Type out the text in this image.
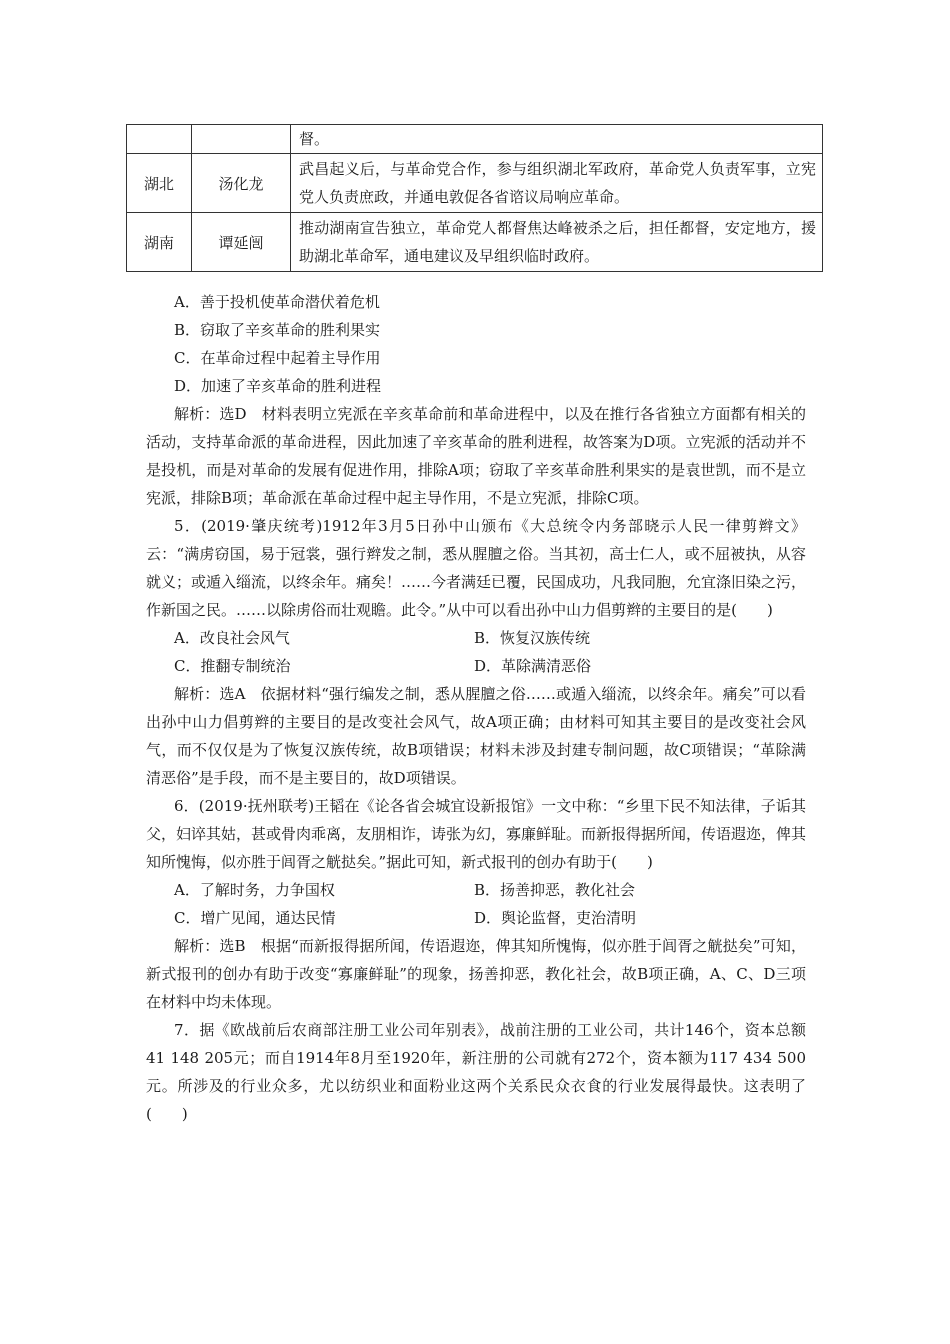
		督。
湖北	汤化龙	武昌起义后，与革命党合作，参与组织湖北军政府，革命党人负责军事，立宪党人负责庶政，并通电敦促各省谘议局响应革命。
湖南	谭延闿	推动湖南宣告独立，革命党人都督焦达峰被杀之后，担任都督，安定地方，援助湖北革命军，通电建议及早组织临时政府。
A．善于投机使革命潜伏着危机
B．窃取了辛亥革命的胜利果实
C．在革命过程中起着主导作用
D．加速了辛亥革命的胜利进程
解析：选D　材料表明立宪派在辛亥革命前和革命进程中，以及在推行各省独立方面都有相关的活动，支持革命派的革命进程，因此加速了辛亥革命的胜利进程，故答案为D项。立宪派的活动并不是投机，而是对革命的发展有促进作用，排除A项；窃取了辛亥革命胜利果实的是袁世凯，而不是立宪派，排除B项；革命派在革命过程中起主导作用，不是立宪派，排除C项。
5．(2019·肇庆统考)1912年3月5日孙中山颁布《大总统令内务部晓示人民一律剪辫文》云：“满虏窃国，易于冠裳，强行辫发之制，悉从腥膻之俗。当其初，高士仁人，或不屈被执，从容就义；或遁入缁流，以终余年。痛矣！……今者满廷已覆，民国成功，凡我同胞，允宜涤旧染之污，作新国之民。……以除虏俗而壮观瞻。此令。”从中可以看出孙中山力倡剪辫的主要目的是(　　)
A．改良社会风气	B．恢复汉族传统
C．推翻专制统治	D．革除满清恶俗
解析：选A　依据材料“强行编发之制，悉从腥膻之俗……或遁入缁流，以终余年。痛矣”可以看出孙中山力倡剪辫的主要目的是改变社会风气，故A项正确；由材料可知其主要目的是改变社会风气，而不仅仅是为了恢复汉族传统，故B项错误；材料未涉及封建专制问题，故C项错误；“革除满清恶俗”是手段，而不是主要目的，故D项错误。
6．(2019·抚州联考)王韬在《论各省会城宜设新报馆》一文中称：“乡里下民不知法律，子诟其父，妇谇其姑，甚或骨肉乖离，友朋相诈，诪张为幻，寡廉鲜耻。而新报得据所闻，传语遐迩，俾其知所愧悔，似亦胜于闾胥之觥挞矣。”据此可知，新式报刊的创办有助于(　　)
A．了解时务，力争国权	B．扬善抑恶，教化社会
C．增广见闻，通达民情	D．舆论监督，吏治清明
解析：选B　根据“而新报得据所闻，传语遐迩，俾其知所愧悔，似亦胜于闾胥之觥挞矣”可知，新式报刊的创办有助于改变“寡廉鲜耻”的现象，扬善抑恶，教化社会，故B项正确，A、C、D三项在材料中均未体现。
7．据《欧战前后农商部注册工业公司年别表》，战前注册的工业公司，共计146个，资本总额41 148 205元；而自1914年8月至1920年，新注册的公司就有272个，资本额为117 434 500元。所涉及的行业众多，尤以纺织业和面粉业这两个关系民众衣食的行业发展得最快。这表明了(　　)
